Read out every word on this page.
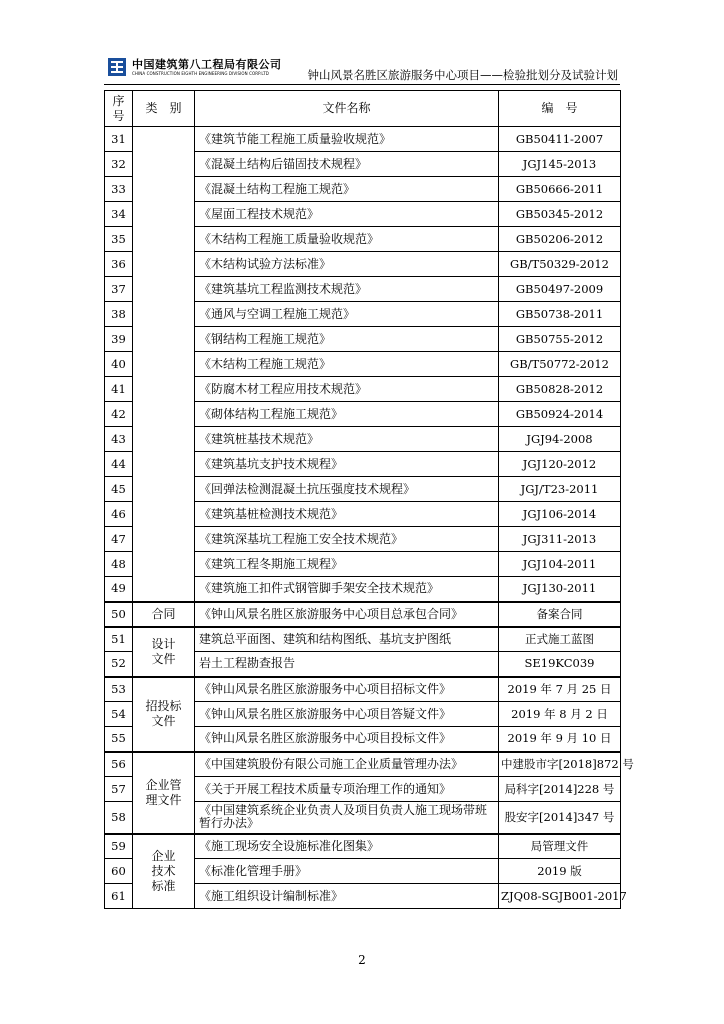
中国建筑第八工程局有限公司
CHINA CONSTRUCTION EIGHTH ENGINEERING DIVISION CORP.LTD	钟山风景名胜区旅游服务中心项目——检验批划分及试验计划
序号	类　别	文件名称	编　号
31		《建筑节能工程施工质量验收规范》	GB50411-2007
32		《混凝土结构后锚固技术规程》	JGJ145-2013
33		《混凝土结构工程施工规范》	GB50666-2011
34		《屋面工程技术规范》	GB50345-2012
35		《木结构工程施工质量验收规范》	GB50206-2012
36		《木结构试验方法标准》	GB/T50329-2012
37		《建筑基坑工程监测技术规范》	GB50497-2009
38		《通风与空调工程施工规范》	GB50738-2011
39		《钢结构工程施工规范》	GB50755-2012
40		《木结构工程施工规范》	GB/T50772-2012
41		《防腐木材工程应用技术规范》	GB50828-2012
42		《砌体结构工程施工规范》	GB50924-2014
43		《建筑桩基技术规范》	JGJ94-2008
44		《建筑基坑支护技术规程》	JGJ120-2012
45		《回弹法检测混凝土抗压强度技术规程》	JGJ/T23-2011
46		《建筑基桩检测技术规范》	JGJ106-2014
47		《建筑深基坑工程施工安全技术规范》	JGJ311-2013
48		《建筑工程冬期施工规程》	JGJ104-2011
49		《建筑施工扣件式钢管脚手架安全技术规范》	JGJ130-2011
50	合同	《钟山风景名胜区旅游服务中心项目总承包合同》	备案合同
51	设计文件	建筑总平面图、建筑和结构图纸、基坑支护图纸	正式施工蓝图
52		岩土工程勘查报告	SE19KC039
53	招投标文件	《钟山风景名胜区旅游服务中心项目招标文件》	2019 年 7 月 25 日
54		《钟山风景名胜区旅游服务中心项目答疑文件》	2019 年 8 月 2 日
55		《钟山风景名胜区旅游服务中心项目投标文件》	2019 年 9 月 10 日
56	企业管理文件	《中国建筑股份有限公司施工企业质量管理办法》	中建股市字[2018]872 号
57		《关于开展工程技术质量专项治理工作的通知》	局科字[2014]228 号
58		《中国建筑系统企业负责人及项目负责人施工现场带班暂行办法》	股安字[2014]347 号
59	企业技术标准	《施工现场安全设施标准化图集》	局管理文件
60		《标准化管理手册》	2019 版
61		《施工组织设计编制标准》	ZJQ08-SGJB001-2017
2
